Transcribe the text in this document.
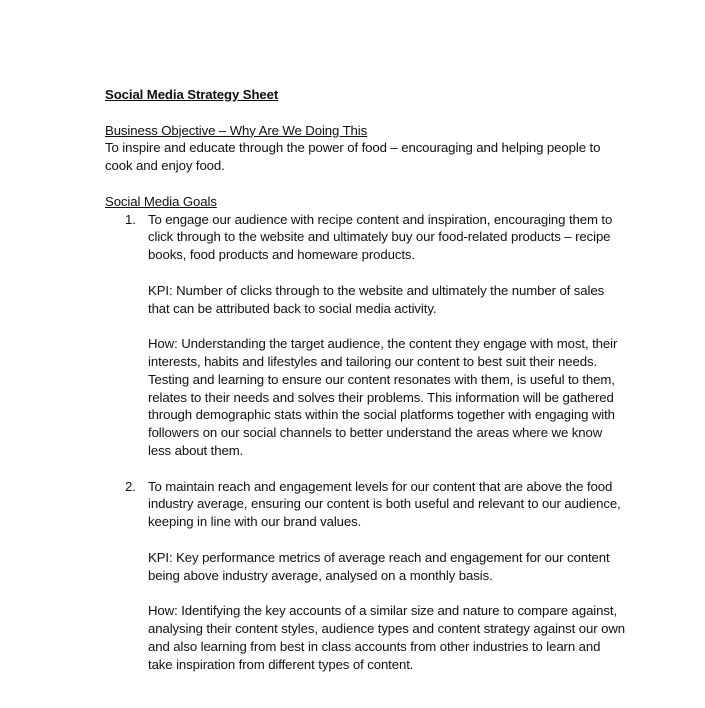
Social Media Strategy Sheet
Business Objective – Why Are We Doing This

To inspire and educate through the power of food – encouraging and helping people to cook and enjoy food.

Social Media Goals
1. To engage our audience with recipe content and inspiration, encouraging them to click through to the website and ultimately buy our food-related products – recipe books, food products and homeware products.

KPI: Number of clicks through to the website and ultimately the number of sales that can be attributed back to social media activity.

How: Understanding the target audience, the content they engage with most, their interests, habits and lifestyles and tailoring our content to best suit their needs. Testing and learning to ensure our content resonates with them, is useful to them, relates to their needs and solves their problems. This information will be gathered through demographic stats within the social platforms together with engaging with followers on our social channels to better understand the areas where we know less about them.

2. To maintain reach and engagement levels for our content that are above the food industry average, ensuring our content is both useful and relevant to our audience, keeping in line with our brand values.

KPI: Key performance metrics of average reach and engagement for our content being above industry average, analysed on a monthly basis.

How: Identifying the key accounts of a similar size and nature to compare against, analysing their content styles, audience types and content strategy against our own and also learning from best in class accounts from other industries to learn and take inspiration from different types of content.
